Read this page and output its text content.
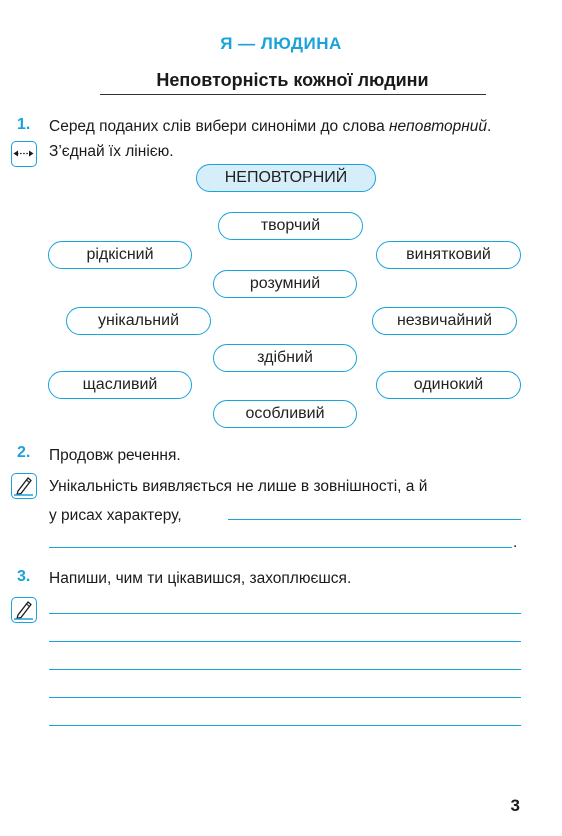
Я — ЛЮДИНА
Неповторність кожної людини
1. Серед поданих слів вибери синоніми до слова неповторний. З’єднай їх лінією.
НЕПОВТОРНИЙ
творчий
рідкісний	винятковий
розумний
унікальний	незвичайний
здібний
щасливий	одинокий
особливий
2. Продовж речення.
Унікальність виявляється не лише в зовнішності, а й
у рисах характеру,
.
3. Напиши, чим ти цікавишся, захоплюєшся.
3
